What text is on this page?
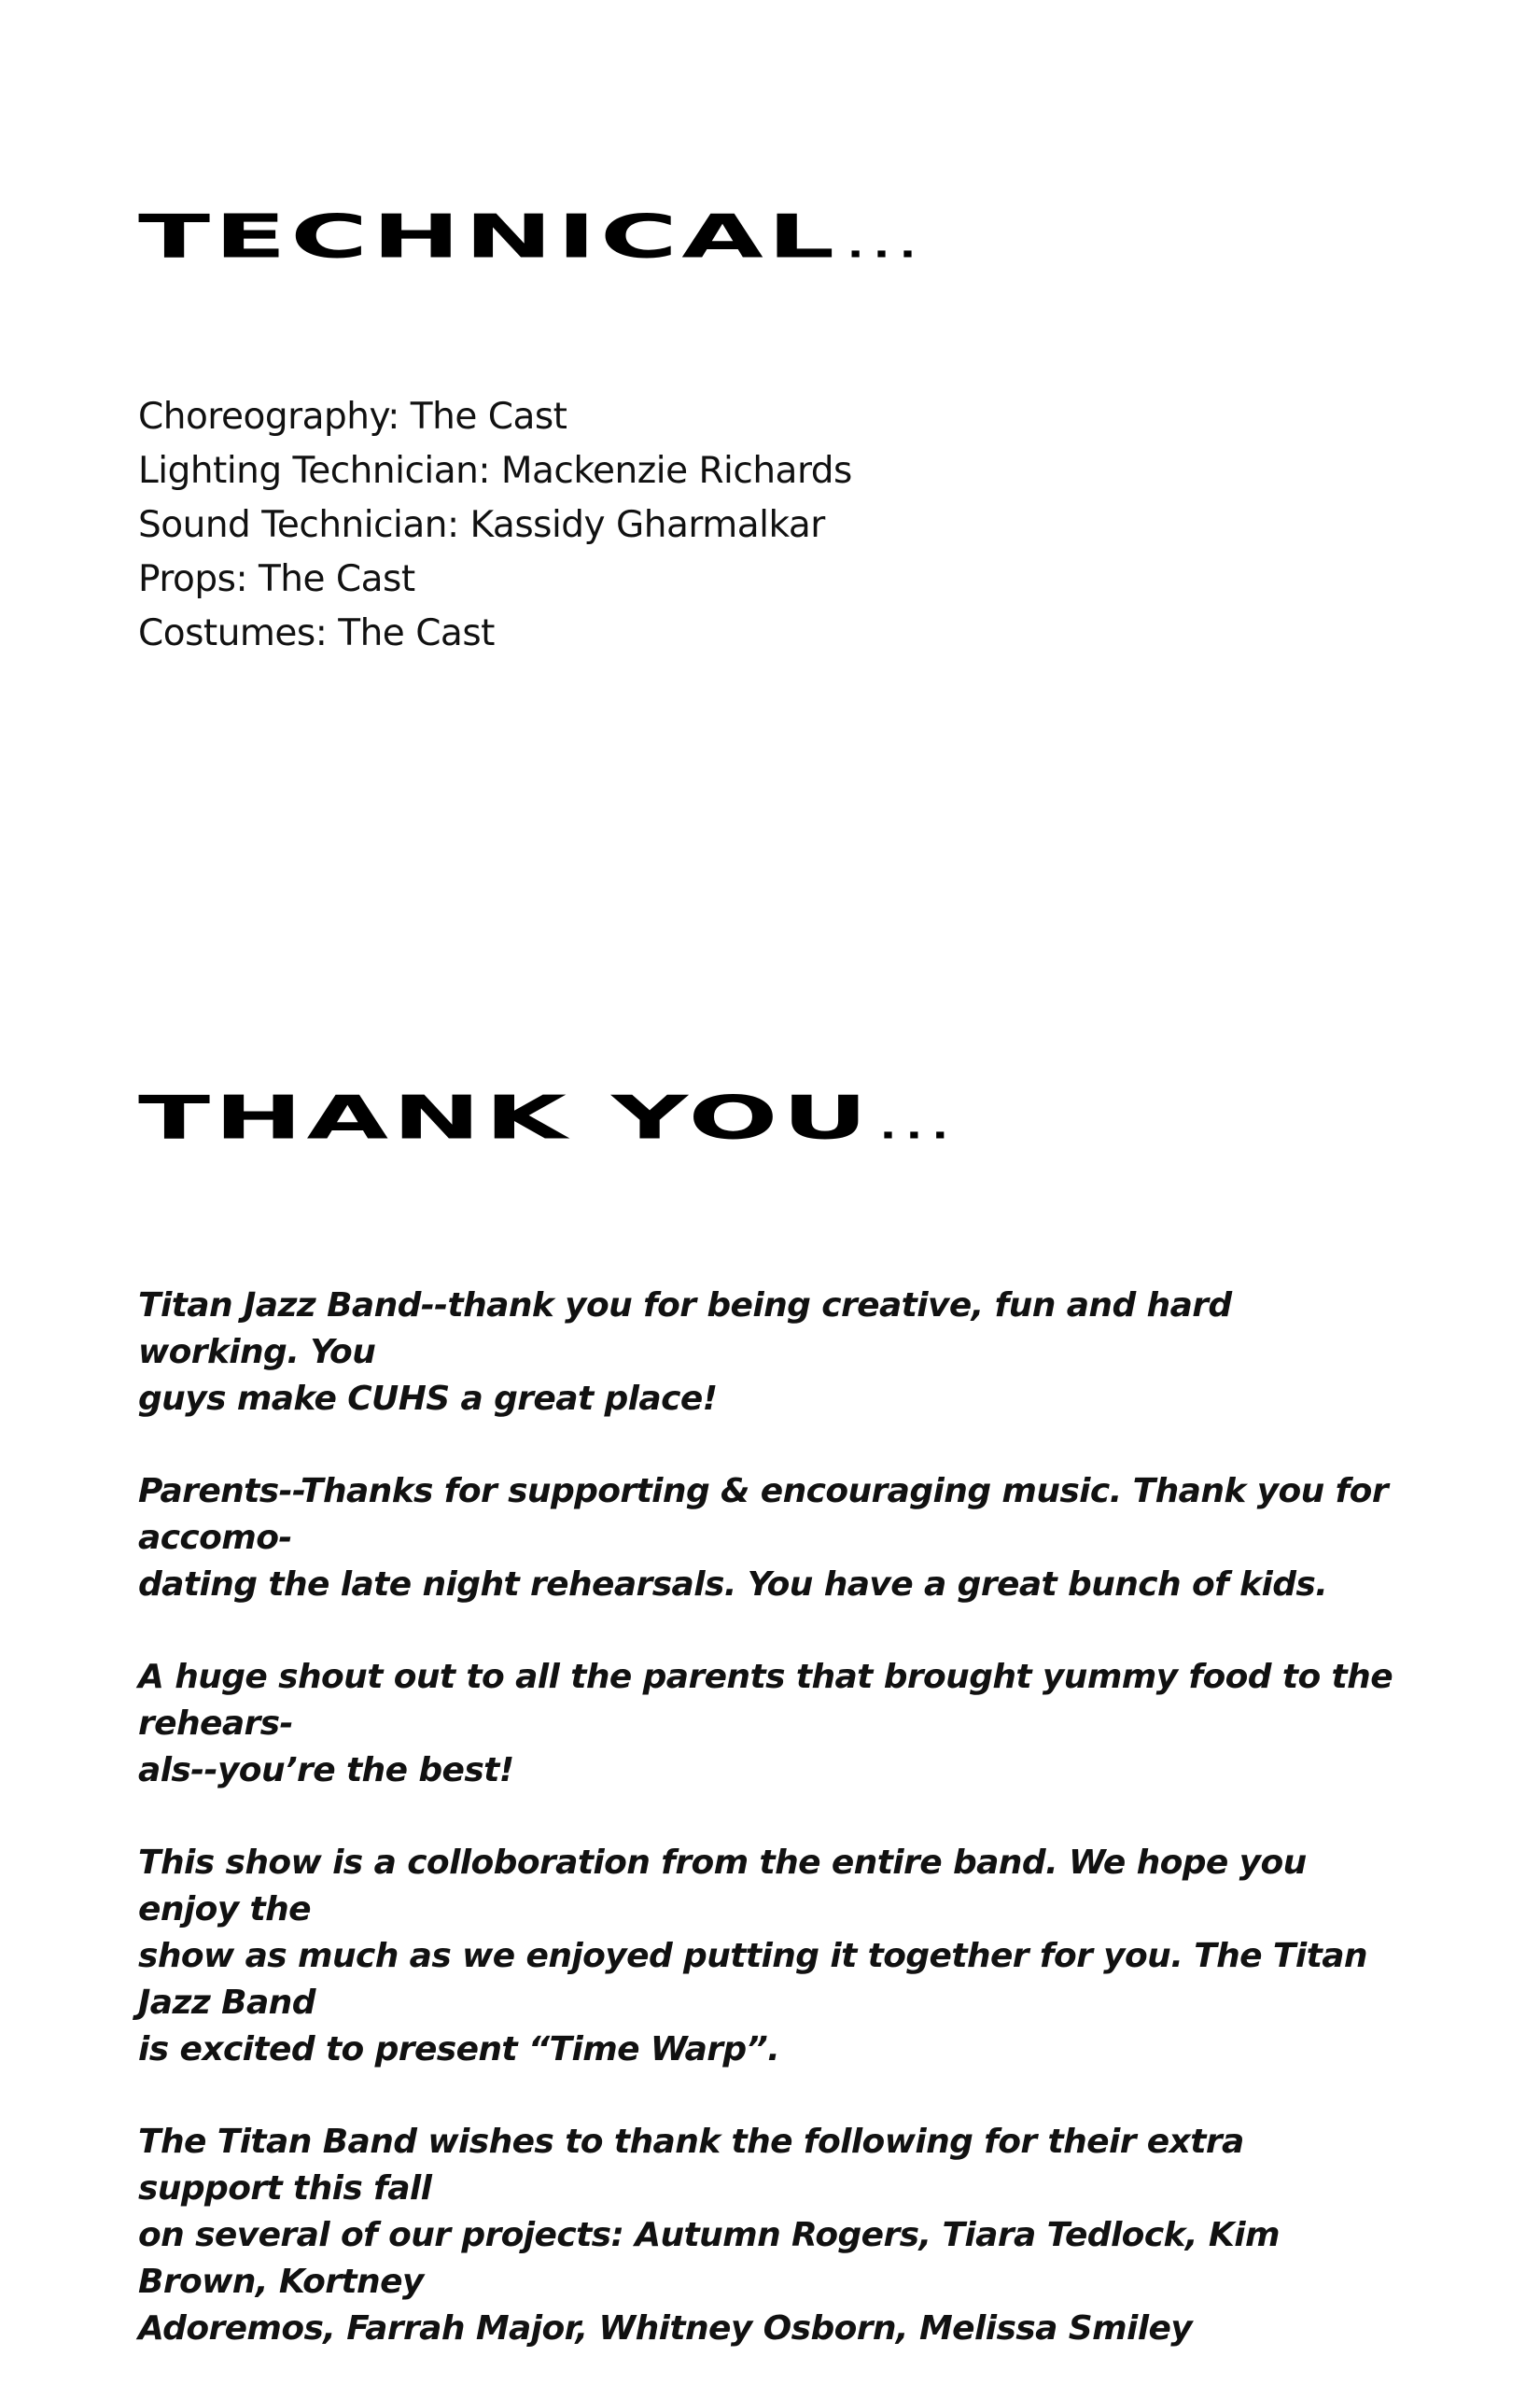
TECHNICAL ...
Choreography: The Cast
Lighting Technician: Mackenzie Richards
Sound Technician: Kassidy Gharmalkar
Props: The Cast
Costumes: The Cast
THANK YOU ...

Titan Jazz Band--thank you for being creative, fun and hard working. You
guys make CUHS a great place!

Parents--Thanks for supporting & encouraging music. Thank you for accomo-
dating the late night rehearsals. You have a great bunch of kids.

A huge shout out to all the parents that brought yummy food to the rehears-
als--you’re the best!

This show is a colloboration from the entire band. We hope you enjoy the
show as much as we enjoyed putting it together for you. The Titan Jazz Band
is excited to present “Time Warp”.

The Titan Band wishes to thank the following for their extra support this fall
on several of our projects: Autumn Rogers, Tiara Tedlock, Kim Brown, Kortney
Adoremos, Farrah Major, Whitney Osborn, Melissa Smiley
